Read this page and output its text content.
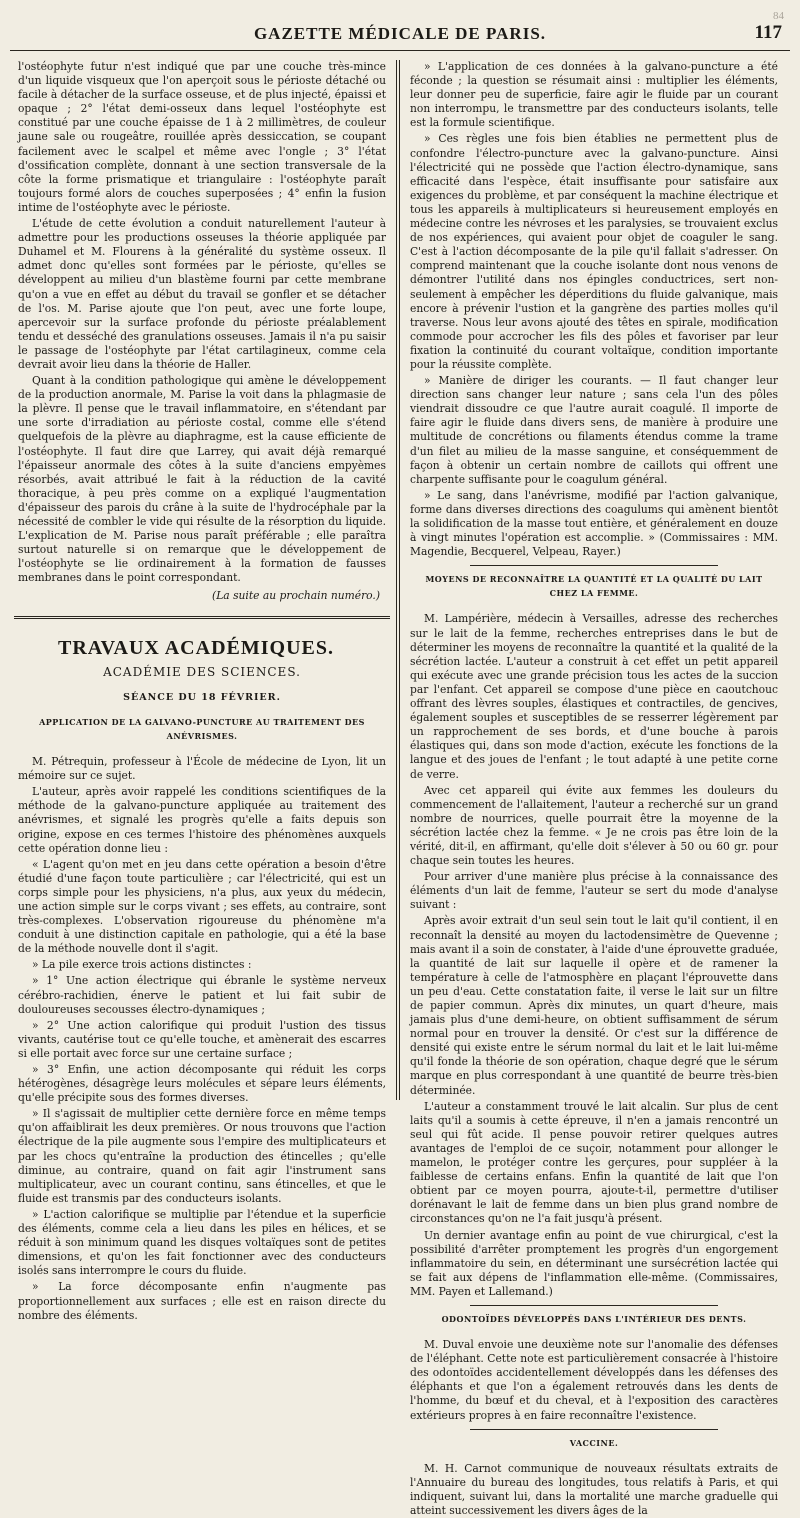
GAZETTE MÉDICALE DE PARIS.
84
117

l'ostéophyte futur n'est indiqué que par une couche très-mince d'un liquide visqueux que l'on aperçoit sous le périoste détaché ou facile à détacher de la surface osseuse, et de plus injecté, épaissi et opaque ; 2° l'état demi-osseux dans lequel l'ostéophyte est constitué par une couche épaisse de 1 à 2 millimètres, de couleur jaune sale ou rougeâtre, rouillée après dessiccation, se coupant facilement avec le scalpel et même avec l'ongle ; 3° l'état d'ossification complète, donnant à une section transversale de la côte la forme prismatique et triangulaire : l'ostéophyte paraît toujours formé alors de couches superposées ; 4° enfin la fusion intime de l'ostéophyte avec le périoste.

L'étude de cette évolution a conduit naturellement l'auteur à admettre pour les productions osseuses la théorie appliquée par Duhamel et M. Flourens à la généralité du système osseux. Il admet donc qu'elles sont formées par le périoste, qu'elles se développent au milieu d'un blastème fourni par cette membrane qu'on a vue en effet au début du travail se gonfler et se détacher de l'os. M. Parise ajoute que l'on peut, avec une forte loupe, apercevoir sur la surface profonde du périoste préalablement tendu et desséché des granulations osseuses. Jamais il n'a pu saisir le passage de l'ostéophyte par l'état cartilagineux, comme cela devrait avoir lieu dans la théorie de Haller.

Quant à la condition pathologique qui amène le développement de la production anormale, M. Parise la voit dans la phlagmasie de la plèvre. Il pense que le travail inflammatoire, en s'étendant par une sorte d'irradiation au périoste costal, comme elle s'étend quelquefois de la plèvre au diaphragme, est la cause efficiente de l'ostéophyte. Il faut dire que Larrey, qui avait déjà remarqué l'épaisseur anormale des côtes à la suite d'anciens empyèmes résorbés, avait attribué le fait à la réduction de la cavité thoracique, à peu près comme on a expliqué l'augmentation d'épaisseur des parois du crâne à la suite de l'hydrocéphale par la nécessité de combler le vide qui résulte de la résorption du liquide. L'explication de M. Parise nous paraît préférable ; elle paraîtra surtout naturelle si on remarque que le développement de l'ostéophyte se lie ordinairement à la formation de fausses membranes dans le point correspondant.

(La suite au prochain numéro.)

TRAVAUX ACADÉMIQUES.

ACADÉMIE DES SCIENCES.

SÉANCE DU 18 FÉVRIER.

APPLICATION DE LA GALVANO-PUNCTURE AU TRAITEMENT DES ANÉVRISMES.

M. Pétrequin, professeur à l'École de médecine de Lyon, lit un mémoire sur ce sujet.

L'auteur, après avoir rappelé les conditions scientifiques de la méthode de la galvano-puncture appliquée au traitement des anévrismes, et signalé les progrès qu'elle a faits depuis son origine, expose en ces termes l'histoire des phénomènes auxquels cette opération donne lieu :

« L'agent qu'on met en jeu dans cette opération a besoin d'être étudié d'une façon toute particulière ; car l'électricité, qui est un corps simple pour les physiciens, n'a plus, aux yeux du médecin, une action simple sur le corps vivant ; ses effets, au contraire, sont très-complexes. L'observation rigoureuse du phénomène m'a conduit à une distinction capitale en pathologie, qui a été la base de la méthode nouvelle dont il s'agit.

» La pile exerce trois actions distinctes :

» 1° Une action électrique qui ébranle le système nerveux cérébro-rachidien, énerve le patient et lui fait subir de douloureuses secousses électro-dynamiques ;

» 2° Une action calorifique qui produit l'ustion des tissus vivants, cautérise tout ce qu'elle touche, et amènerait des escarres si elle portait avec force sur une certaine surface ;

» 3° Enfin, une action décomposante qui réduit les corps hétérogènes, désagrège leurs molécules et sépare leurs éléments, qu'elle précipite sous des formes diverses.

» Il s'agissait de multiplier cette dernière force en même temps qu'on affaiblirait les deux premières. Or nous trouvons que l'action électrique de la pile augmente sous l'empire des multiplicateurs et par les chocs qu'entraîne la production des étincelles ; qu'elle diminue, au contraire, quand on fait agir l'instrument sans multiplicateur, avec un courant continu, sans étincelles, et que le fluide est transmis par des conducteurs isolants.

» L'action calorifique se multiplie par l'étendue et la superficie des éléments, comme cela a lieu dans les piles en hélices, et se réduit à son minimum quand les disques voltaïques sont de petites dimensions, et qu'on les fait fonctionner avec des conducteurs isolés sans interrompre le cours du fluide.

» La force décomposante enfin n'augmente pas proportionnellement aux surfaces ; elle est en raison directe du nombre des éléments.

» L'application de ces données à la galvano-puncture a été féconde ; la question se résumait ainsi : multiplier les éléments, leur donner peu de superficie, faire agir le fluide par un courant non interrompu, le transmettre par des conducteurs isolants, telle est la formule scientifique.

» Ces règles une fois bien établies ne permettent plus de confondre l'électro-puncture avec la galvano-puncture. Ainsi l'électricité qui ne possède que l'action électro-dynamique, sans efficacité dans l'espèce, était insuffisante pour satisfaire aux exigences du problème, et par conséquent la machine électrique et tous les appareils à multiplicateurs si heureusement employés en médecine contre les névroses et les paralysies, se trouvaient exclus de nos expériences, qui avaient pour objet de coaguler le sang. C'est à l'action décomposante de la pile qu'il fallait s'adresser. On comprend maintenant que la couche isolante dont nous venons de démontrer l'utilité dans nos épingles conductrices, sert non-seulement à empêcher les déperditions du fluide galvanique, mais encore à prévenir l'ustion et la gangrène des parties molles qu'il traverse. Nous leur avons ajouté des têtes en spirale, modification commode pour accrocher les fils des pôles et favoriser par leur fixation la continuité du courant voltaïque, condition importante pour la réussite complète.

» Manière de diriger les courants. — Il faut changer leur direction sans changer leur nature ; sans cela l'un des pôles viendrait dissoudre ce que l'autre aurait coagulé. Il importe de faire agir le fluide dans divers sens, de manière à produire une multitude de concrétions ou filaments étendus comme la trame d'un filet au milieu de la masse sanguine, et conséquemment de façon à obtenir un certain nombre de caillots qui offrent une charpente suffisante pour le coagulum général.

» Le sang, dans l'anévrisme, modifié par l'action galvanique, forme dans diverses directions des coagulums qui amènent bientôt la solidification de la masse tout entière, et généralement en douze à vingt minutes l'opération est accomplie. » (Commissaires : MM. Magendie, Becquerel, Velpeau, Rayer.)

MOYENS DE RECONNAÎTRE LA QUANTITÉ ET LA QUALITÉ DU LAIT CHEZ LA FEMME.

M. Lampérière, médecin à Versailles, adresse des recherches sur le lait de la femme, recherches entreprises dans le but de déterminer les moyens de reconnaître la quantité et la qualité de la sécrétion lactée. L'auteur a construit à cet effet un petit appareil qui exécute avec une grande précision tous les actes de la succion par l'enfant. Cet appareil se compose d'une pièce en caoutchouc offrant des lèvres souples, élastiques et contractiles, de gencives, également souples et susceptibles de se resserrer légèrement par un rapprochement de ses bords, et d'une bouche à parois élastiques qui, dans son mode d'action, exécute les fonctions de la langue et des joues de l'enfant ; le tout adapté à une petite corne de verre.

Avec cet appareil qui évite aux femmes les douleurs du commencement de l'allaitement, l'auteur a recherché sur un grand nombre de nourrices, quelle pourrait être la moyenne de la sécrétion lactée chez la femme. « Je ne crois pas être loin de la vérité, dit-il, en affirmant, qu'elle doit s'élever à 50 ou 60 gr. pour chaque sein toutes les heures.

Pour arriver d'une manière plus précise à la connaissance des éléments d'un lait de femme, l'auteur se sert du mode d'analyse suivant :

Après avoir extrait d'un seul sein tout le lait qu'il contient, il en reconnaît la densité au moyen du lactodensimètre de Quevenne ; mais avant il a soin de constater, à l'aide d'une éprouvette graduée, la quantité de lait sur laquelle il opère et de ramener la température à celle de l'atmosphère en plaçant l'éprouvette dans un peu d'eau. Cette constatation faite, il verse le lait sur un filtre de papier commun. Après dix minutes, un quart d'heure, mais jamais plus d'une demi-heure, on obtient suffisamment de sérum normal pour en trouver la densité. Or c'est sur la différence de densité qui existe entre le sérum normal du lait et le lait lui-même qu'il fonde la théorie de son opération, chaque degré que le sérum marque en plus correspondant à une quantité de beurre très-bien déterminée.

L'auteur a constamment trouvé le lait alcalin. Sur plus de cent laits qu'il a soumis à cette épreuve, il n'en a jamais rencontré un seul qui fût acide. Il pense pouvoir retirer quelques autres avantages de l'emploi de ce suçoir, notamment pour allonger le mamelon, le protéger contre les gerçures, pour suppléer à la faiblesse de certains enfans. Enfin la quantité de lait que l'on obtient par ce moyen pourra, ajoute-t-il, permettre d'utiliser dorénavant le lait de femme dans un bien plus grand nombre de circonstances qu'on ne l'a fait jusqu'à présent.

Un dernier avantage enfin au point de vue chirurgical, c'est la possibilité d'arrêter promptement les progrès d'un engorgement inflammatoire du sein, en déterminant une sursécrétion lactée qui se fait aux dépens de l'inflammation elle-même. (Commissaires, MM. Payen et Lallemand.)

ODONTOÏDES DÉVELOPPÉS DANS L'INTÉRIEUR DES DENTS.

M. Duval envoie une deuxième note sur l'anomalie des défenses de l'éléphant. Cette note est particulièrement consacrée à l'histoire des odontoïdes accidentellement développés dans les défenses des éléphants et que l'on a également retrouvés dans les dents de l'homme, du bœuf et du cheval, et à l'exposition des caractères extérieurs propres à en faire reconnaître l'existence.

VACCINE.

M. H. Carnot communique de nouveaux résultats extraits de l'Annuaire du bureau des longitudes, tous relatifs à Paris, et qui indiquent, suivant lui, dans la mortalité une marche graduelle qui atteint successivement les divers âges de la
